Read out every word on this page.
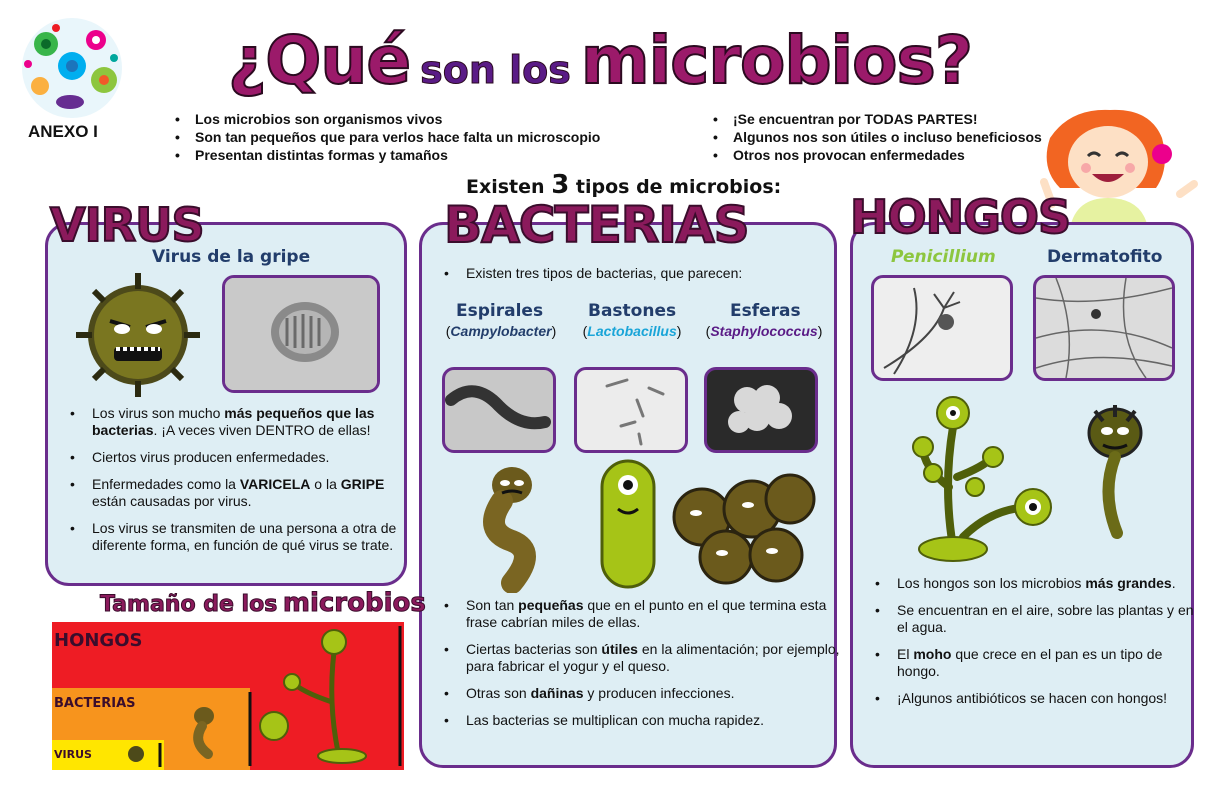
ANEXO I
¿Qué son los microbios?
• Los microbios son organismos vivos
• Son tan pequeños que para verlos hace falta un microscopio
• Presentan distintas formas y tamaños
• ¡Se encuentran por TODAS PARTES!
• Algunos nos son útiles o incluso beneficiosos
• Otros nos provocan enfermedades
Existen 3 tipos de microbios:
Virus de la gripe
• Los virus son mucho más pequeños que las bacterias. ¡A veces viven DENTRO de ellas!
• Ciertos virus producen enfermedades.
• Enfermedades como la VARICELA o la GRIPE están causadas por virus.
• Los virus se transmiten de una persona a otra de diferente forma, en función de qué virus se trate.
VIRUS
• Existen tres tipos de bacterias, que parecen:
Espirales
(Campylobacter)
Bastones
(Lactobacillus)
Esferas
(Staphylococcus)
• Son tan pequeñas que en el punto en el que termina esta frase cabrían miles de ellas.
• Ciertas bacterias son útiles en la alimentación; por ejemplo, para fabricar el yogur y el queso.
• Otras son dañinas y producen infecciones.
• Las bacterias se multiplican con mucha rapidez.
BACTERIAS
Penicillium	Dermatofito
• Los hongos son los microbios más grandes.
• Se encuentran en el aire, sobre las plantas y en el agua.
• El moho que crece en el pan es un tipo de hongo.
• ¡Algunos antibióticos se hacen con hongos!
HONGOS
Tamaño de los microbios
HONGOS
BACTERIAS
VIRUS
